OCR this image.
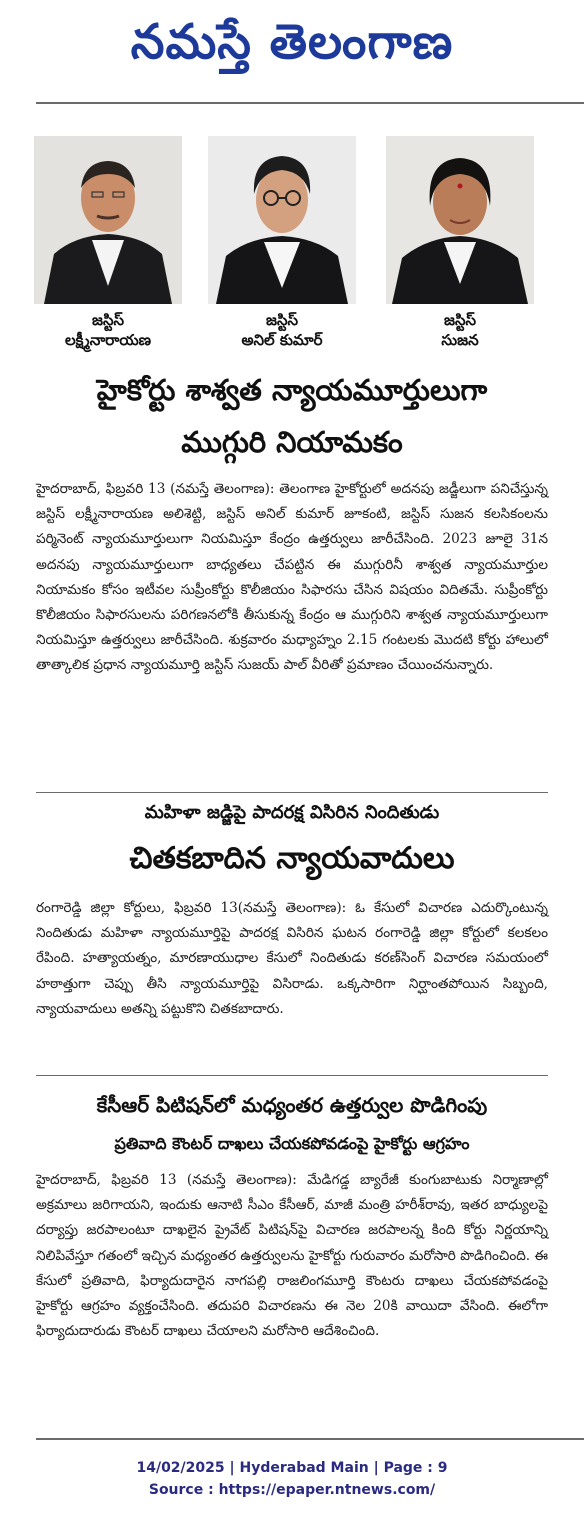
నమస్తే తెలంగాణ
జస్టిస్
లక్ష్మీనారాయణ
జస్టిస్
అనిల్ కుమార్
జస్టిస్
సుజన
హైకోర్టు శాశ్వత న్యాయమూర్తులుగా
ముగ్గురి నియామకం

హైదరాబాద్, ఫిబ్రవరి 13 (నమస్తే తెలంగాణ): తెలంగాణ హైకోర్టులో అదనపు జడ్జీలుగా పనిచేస్తున్న జస్టిస్ లక్ష్మీనారాయణ అలిశెట్టి, జస్టిస్ అనిల్ కుమార్ జూకంటి, జస్టిస్ సుజన కలసికంలను పర్మినెంట్ న్యాయమూర్తులుగా నియమిస్తూ కేంద్రం ఉత్తర్వులు జారీచేసింది. 2023 జూలై 31న అదనపు న్యాయమూర్తులుగా బాధ్యతలు చేపట్టిన ఈ ముగ్గురినీ శాశ్వత న్యాయమూర్తుల నియామకం కోసం ఇటీవల సుప్రీంకోర్టు కొలీజియం సిఫారసు చేసిన విషయం విదితమే. సుప్రీంకోర్టు కొలీజియం సిఫారసులను పరిగణనలోకి తీసుకున్న కేంద్రం ఆ ముగ్గురిని శాశ్వత న్యాయమూర్తులుగా నియమిస్తూ ఉత్తర్వులు జారీచేసింది. శుక్రవారం మధ్యాహ్నం 2.15 గంటలకు మొదటి కోర్టు హాలులో తాత్కాలిక ప్రధాన న్యాయమూర్తి జస్టిస్ సుజయ్ పాల్ వీరితో ప్రమాణం చేయించనున్నారు.

మహిళా జడ్జిపై పాదరక్ష విసిరిన నిందితుడు
చితకబాదిన న్యాయవాదులు

రంగారెడ్డి జిల్లా కోర్టులు, ఫిబ్రవరి 13(నమస్తే తెలంగాణ): ఓ కేసులో విచారణ ఎదుర్కొంటున్న నిందితుడు మహిళా న్యాయమూర్తిపై పాదరక్ష విసిరిన ఘటన రంగారెడ్డి జిల్లా కోర్టులో కలకలం రేపింది. హత్యాయత్నం, మారణాయుధాల కేసులో నిందితుడు కరణ్‌సింగ్ విచారణ సమయంలో హఠాత్తుగా చెప్పు తీసి న్యాయమూర్తిపై విసిరాడు. ఒక్కసారిగా నిర్ఘాంతపోయిన సిబ్బంది, న్యాయవాదులు అతన్ని పట్టుకొని చితకబాదారు.

కేసీఆర్ పిటిషన్‌లో మధ్యంతర ఉత్తర్వుల పొడిగింపు
ప్రతివాది కౌంటర్ దాఖలు చేయకపోవడంపై హైకోర్టు ఆగ్రహం

హైదరాబాద్, ఫిబ్రవరి 13 (నమస్తే తెలంగాణ): మేడిగడ్డ బ్యారేజీ కుంగుబాటుకు నిర్మాణాల్లో అక్రమాలు జరిగాయని, ఇందుకు ఆనాటి సీఎం కేసీఆర్, మాజీ మంత్రి హరీశ్‌రావు, ఇతర బాధ్యులపై దర్యాప్తు జరపాలంటూ దాఖలైన ప్రైవేట్ పిటిషన్‌పై విచారణ జరపాలన్న కింది కోర్టు నిర్ణయాన్ని నిలిపివేస్తూ గతంలో ఇచ్చిన మధ్యంతర ఉత్తర్వులను హైకోర్టు గురువారం మరోసారి పొడిగించింది. ఈ కేసులో ప్రతివాది, ఫిర్యాదుదారైన నాగపల్లి రాజలింగమూర్తి కౌంటరు దాఖలు చేయకపోవడంపై హైకోర్టు ఆగ్రహం వ్యక్తంచేసింది. తదుపరి విచారణను ఈ నెల 20కి వాయిదా వేసింది. ఈలోగా ఫిర్యాదుదారుడు కౌంటర్ దాఖలు చేయాలని మరోసారి ఆదేశించింది.

14/02/2025 | Hyderabad Main | Page : 9
Source : https://epaper.ntnews.com/
